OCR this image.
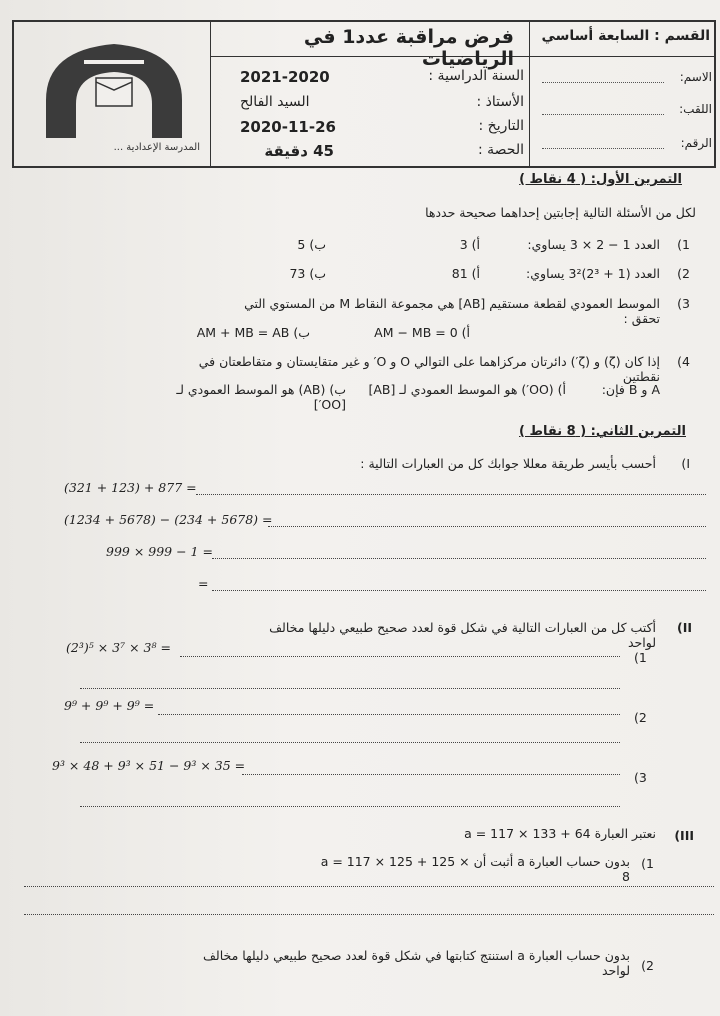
المدرسة الإعدادية ...
فرض مراقبة عدد1 في الرياضيات
القسم : السابعة أساسي
السنة الدراسية :
2021-2020
الأستاذ :
السيد الفالح
التاريخ :
2020-11-26
الحصة :
45 دقيقة
الاسم:
اللقب:
الرقم:
التمرين الأول: ( 4 نقاط )
لكل من الأسئلة التالية إجابتين إحداهما صحيحة حددها
1)
العدد 1 − 2 × 3 يساوي:
أ) 3
ب) 5
2)
العدد (1 + 2³)3² يساوي:
أ) 81
ب) 73
3)
الموسط العمودي لقطعة مستقيم [AB] هي مجموعة النقاط M من المستوي التي تحقق :
أ) AM − MB = 0
ب) AM + MB = AB
4)
إذا كان (ζ) و (ζ′) دائرتان مركزاهما على التوالي O و O′ و غير متقايستان و متقاطعتان في نقطتين
A و B فإن:
أ) (OO′) هو الموسط العمودي لـ [AB]
ب) (AB) هو الموسط العمودي لـ [OO′]
التمرين الثاني: ( 8 نقاط )
I)
أحسب بأيسر طريقة معللا جوابك كل من العبارات التالية :
(321 + 123) + 877 =
(1234 + 5678) − (234 + 5678) =
999 × 999 − 1 =
=
II)
أكتب كل من العبارات التالية في شكل قوة لعدد صحيح طبيعي دليلها مخالف لواحد
(2³)⁵ × 3⁷ × 3⁸ =
(1
9⁹ + 9⁹ + 9⁹ =
(2
9³ × 48 + 9³ × 51 − 9³ × 35 =
(3
III)
نعتبر العبارة a = 117 × 133 + 64
1)
بدون حساب العبارة a أثبت أن a = 117 × 125 + 125 × 8
2)
بدون حساب العبارة a استنتج كتابتها في شكل قوة لعدد صحيح طبيعي دليلها مخالف لواحد
